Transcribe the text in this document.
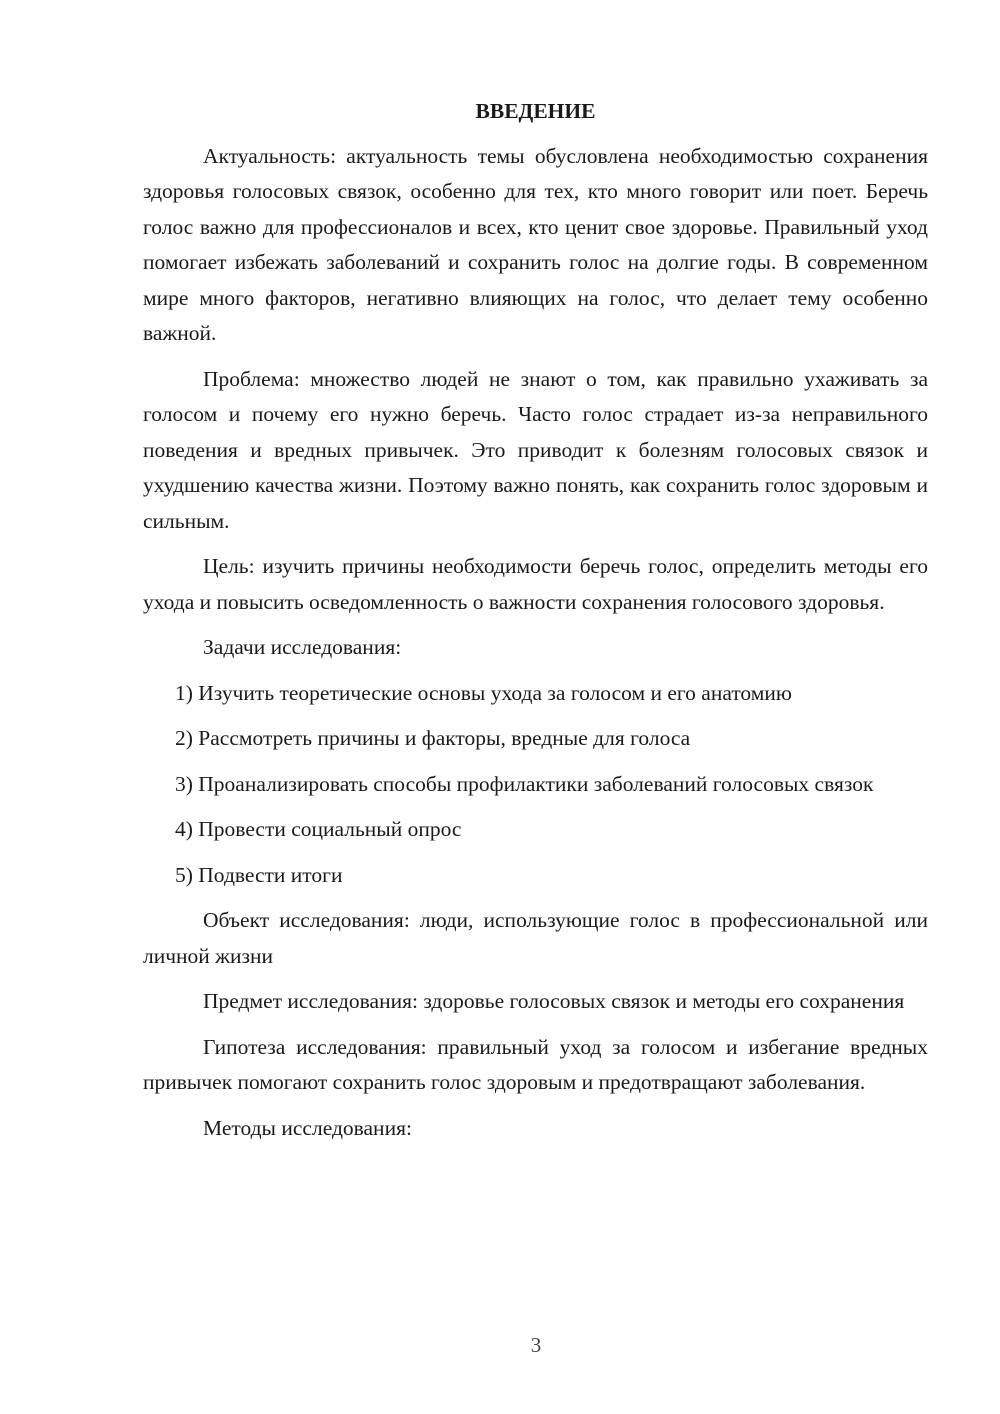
ВВЕДЕНИЕ

Актуальность: актуальность темы обусловлена необходимостью сохранения здоровья голосовых связок, особенно для тех, кто много говорит или поет. Беречь голос важно для профессионалов и всех, кто ценит свое здоровье. Правильный уход помогает избежать заболеваний и сохранить голос на долгие годы. В современном мире много факторов, негативно влияющих на голос, что делает тему особенно важной.

Проблема: множество людей не знают о том, как правильно ухаживать за голосом и почему его нужно беречь. Часто голос страдает из-за неправильного поведения и вредных привычек. Это приводит к болезням голосовых связок и ухудшению качества жизни. Поэтому важно понять, как сохранить голос здоровым и сильным.

Цель: изучить причины необходимости беречь голос, определить методы его ухода и повысить осведомленность о важности сохранения голосового здоровья.

Задачи исследования:

1) Изучить теоретические основы ухода за голосом и его анатомию

2) Рассмотреть причины и факторы, вредные для голоса

3) Проанализировать способы профилактики заболеваний голосовых связок

4) Провести социальный опрос

5) Подвести итоги

Объект исследования: люди, использующие голос в профессиональной или личной жизни

Предмет исследования: здоровье голосовых связок и методы его сохранения

Гипотеза исследования: правильный уход за голосом и избегание вредных привычек помогают сохранить голос здоровым и предотвращают заболевания.

Методы исследования:

3
